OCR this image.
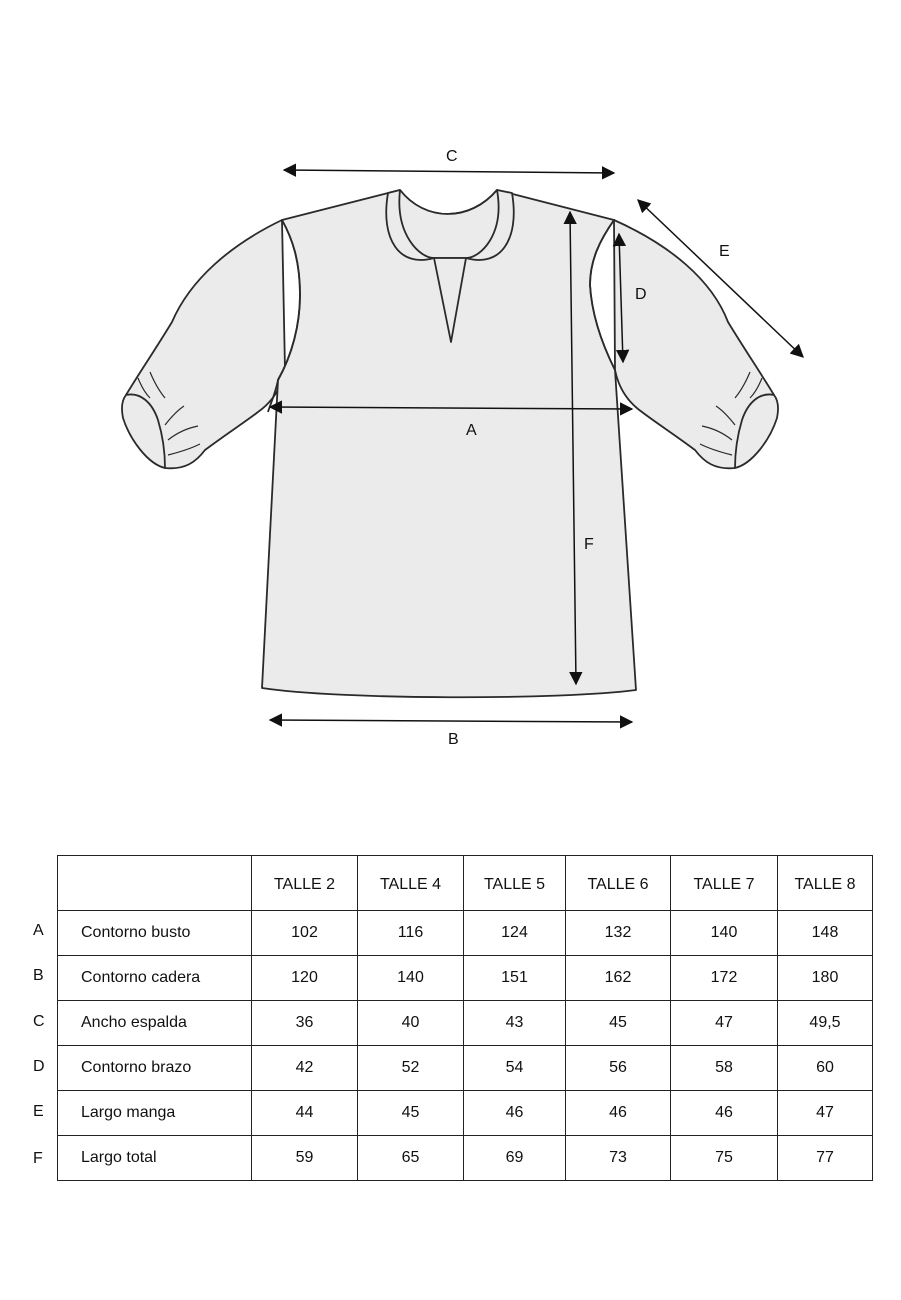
C
E
D
A
F
B
A
B
C
D
E
F
	TALLE 2	TALLE 4	TALLE 5	TALLE 6	TALLE 7	TALLE 8
Contorno busto	102	116	124	132	140	148
Contorno cadera	120	140	151	162	172	180
Ancho espalda	36	40	43	45	47	49,5
Contorno brazo	42	52	54	56	58	60
Largo manga	44	45	46	46	46	47
Largo total	59	65	69	73	75	77
